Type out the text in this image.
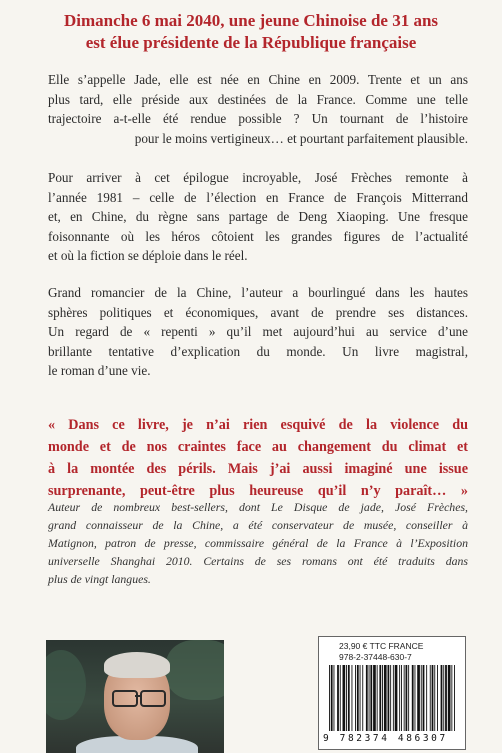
Dimanche 6 mai 2040, une jeune Chinoise de 31 ans
est élue présidente de la République française
Elle s’appelle Jade, elle est née en Chine en 2009. Trente et un ans
plus tard, elle préside aux destinées de la France. Comme une telle
trajectoire a-t-elle été rendue possible ? Un tournant de l’histoire
pour le moins vertigineux… et pourtant parfaitement plausible.
Pour arriver à cet épilogue incroyable, José Frèches remonte à
l’année 1981 – celle de l’élection en France de François Mitterrand
et, en Chine, du règne sans partage de Deng Xiaoping. Une fresque
foisonnante où les héros côtoient les grandes figures de l’actualité
et où la fiction se déploie dans le réel.
Grand romancier de la Chine, l’auteur a bourlingué dans les hautes
sphères politiques et économiques, avant de prendre ses distances.
Un regard de « repenti » qu’il met aujourd’hui au service d’une
brillante tentative d’explication du monde. Un livre magistral,
le roman d’une vie.
« Dans ce livre, je n’ai rien esquivé de la violence du
monde et de nos craintes face au changement du climat et
à la montée des périls. Mais j’ai aussi imaginé une issue
surprenante, peut-être plus heureuse qu’il n’y paraît… »
Auteur de nombreux best-sellers, dont Le Disque de jade, José Frèches,
grand connaisseur de la Chine, a été conservateur de musée, conseiller à
Matignon, patron de presse, commissaire général de la France à l’Exposition
universelle Shanghai 2010. Certains de ses romans ont été traduits dans
plus de vingt langues.
23,90 € TTC FRANCE
978-2-37448-630-7
9 782374 486307
